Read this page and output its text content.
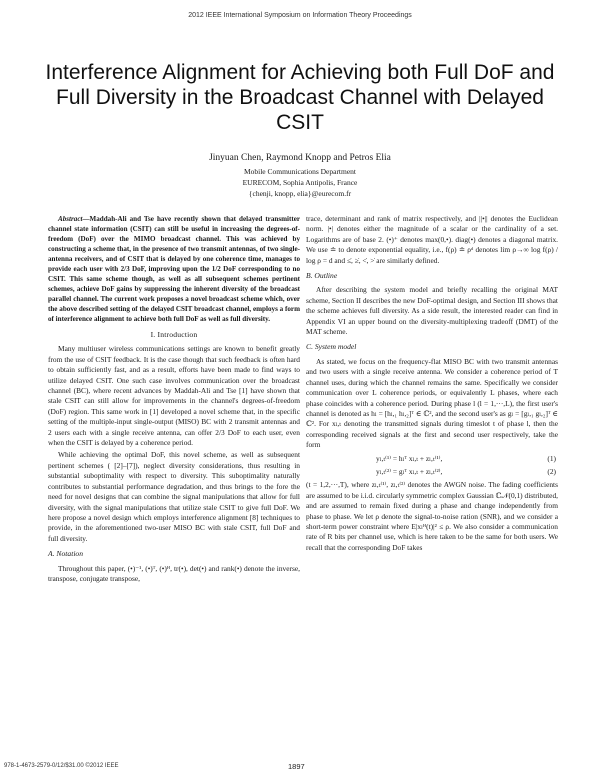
2012 IEEE International Symposium on Information Theory Proceedings
Interference Alignment for Achieving both Full DoF and Full Diversity in the Broadcast Channel with Delayed CSIT
Jinyuan Chen, Raymond Knopp and Petros Elia
Mobile Communications Department
EURECOM, Sophia Antipolis, France
{chenji, knopp, elia}@eurecom.fr

Abstract—Maddah-Ali and Tse have recently shown that delayed transmitter channel state information (CSIT) can still be useful in increasing the degrees-of-freedom (DoF) over the MIMO broadcast channel. This was achieved by constructing a scheme that, in the presence of two transmit antennas, of two single-antenna receivers, and of CSIT that is delayed by one coherence time, manages to provide each user with 2/3 DoF, improving upon the 1/2 DoF corresponding to no CSIT. This same scheme though, as well as all subsequent schemes pertinent schemes, achieve DoF gains by suppressing the inherent diversity of the broadcast parallel channel. The current work proposes a novel broadcast scheme which, over the above described setting of the delayed CSIT broadcast channel, employs a form of interference alignment to achieve both full DoF as well as full diversity.

I. Introduction

Many multiuser wireless communications settings are known to benefit greatly from the use of CSIT feedback. It is the case though that such feedback is often hard to obtain sufficiently fast, and as a result, efforts have been made to find ways to utilize delayed CSIT. One such case involves communication over the broadcast channel (BC), where recent advances by Maddah-Ali and Tse [1] have shown that stale CSIT can still allow for improvements in the channel's degrees-of-freedom (DoF) region. This same work in [1] developed a novel scheme that, in the specific setting of the multiple-input single-output (MISO) BC with 2 transmit antennas and 2 users each with a single receive antenna, can offer 2/3 DoF to each user, even when the CSIT is delayed by a coherence period.

While achieving the optimal DoF, this novel scheme, as well as subsequent pertinent schemes ( [2]–[7]), neglect diversity considerations, thus resulting in substantial suboptimality with respect to diversity. This suboptimality naturally contributes to substantial performance degradation, and thus brings to the fore the need for novel designs that can combine the signal manipulations that allow for full diversity, with the signal manipulations that utilize stale CSIT to give full DoF. We here propose a novel design which employs interference alignment [8] techniques to provide, in the aforementioned two-user MISO BC with stale CSIT, full DoF and full diversity.

A. Notation

Throughout this paper, (•)⁻¹, (•)ᵀ, (•)ᴴ, tr(•), det(•) and rank(•) denote the inverse, transpose, conjugate transpose,

trace, determinant and rank of matrix respectively, and ||•|| denotes the Euclidean norm. |•| denotes either the magnitude of a scalar or the cardinality of a set. Logarithms are of base 2. (•)⁺ denotes max(0,•). diag(•) denotes a diagonal matrix. We use ≐ to denote exponential equality, i.e., f(ρ) ≐ ρᵈ denotes lim ρ→∞ log f(ρ) / log ρ = d and ≤̇, ≥̇, <̇, >̇ are similarly defined.

B. Outline

After describing the system model and briefly recalling the original MAT scheme, Section II describes the new DoF-optimal design, and Section III shows that the scheme achieves full diversity. As a side result, the interested reader can find in Appendix VI an upper bound on the diversity-multiplexing tradeoff (DMT) of the MAT scheme.

C. System model

As stated, we focus on the frequency-flat MISO BC with two transmit antennas and two users with a single receive antenna. We consider a coherence period of T channel uses, during which the channel remains the same. Specifically we consider communication over L coherence periods, or equivalently L phases, where each phase coincides with a coherence period. During phase l (l = 1,···,L), the first user's channel is denoted as hₗ = [hₗ,₁ hₗ,₂]ᵀ ∈ ℂ², and the second user's as gₗ = [gₗ,₁ gₗ,₂]ᵀ ∈ ℂ². For xₗ,ₜ denoting the transmitted signals during timeslot t of phase l, then the corresponding received signals at the first and second user respectively, take the form

yₗ,ₜ⁽¹⁾ = hₗᵀ xₗ,ₜ + zₗ,ₜ⁽¹⁾,	(1)
yₗ,ₜ⁽²⁾ = gₗᵀ xₗ,ₜ + zₗ,ₜ⁽²⁾,	(2)

(t = 1,2,···,T), where zₗ,ₜ⁽¹⁾, zₗ,ₜ⁽²⁾ denotes the AWGN noise. The fading coefficients are assumed to be i.i.d. circularly symmetric complex Gaussian ℂ𝒩(0,1) distributed, and are assumed to remain fixed during a phase and change independently from phase to phase. We let ρ denote the signal-to-noise ration (SNR), and we consider a short-term power constraint where E|xₗᴴ(t)|² ≤ ρ. We also consider a communication rate of R bits per channel use, which is here taken to be the same for both users. We recall that the corresponding DoF takes

978-1-4673-2579-0/12/$31.00 ©2012 IEEE	1897
